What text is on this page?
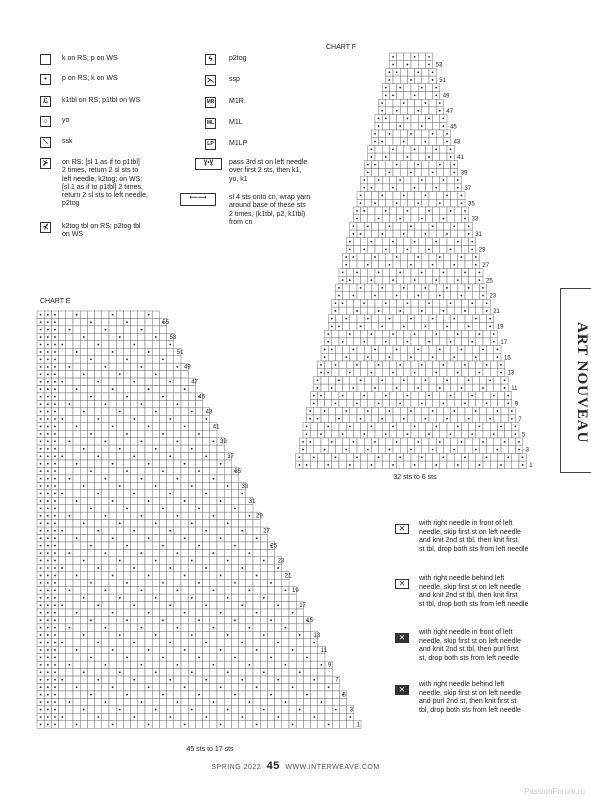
k on RS; p on WS
•	p on RS; k on WS
ℒ	k1tbl on RS; p1tbl on WS
○	yo
⟍	ssk
⊁	on RS: [sl 1 as if to p1tbl]
2 times, return 2 sl sts to
left needle, k2tog; on WS:
[sl 1 as if to p1tbl] 2 times,
return 2 sl sts to left needle,
p2tog
⊀	k2tog tbl on RS; p2tog tbl
on WS
ϟ	p2tog
⋋ ssp
MR M1R
ML M1L
LP	M1LP
Ɣ•Ɣ	pass 3rd st on left needle
over first 2 sts, then k1,
yo, k1
⟵⟶	sl 4 sts onto cn, wrap yarn
around base of these sts
2 times, (k1tbl, p2, k1tbl)
from cn
CHART F
53
51
49
47
45
43
41
39
37
35
33
31
29
27
25
23
21
19
17
15
13
11
9
7
5
3
1
55
53
51
49
47
45
43
41
39
37
35
33
31
29
27
25
23
21
19
17
15
13
11
9
7
5
3
1
32 sts to 6 sts
CHART E
45 sts to 17 sts
⨯
with right needle in front of left
needle, skip first st on left needle
and knit 2nd st tbl, then knit first
st tbl, drop both sts from left needle
⨯
with right needle behind left
needle, skip first st on left needle
and knit 2nd st tbl, then knit first
st tbl, drop both sts from left needle
⨯
with right needle in front of left
needle, skip first st on left needle
and knit 2nd st tbl, then purl first
st, drop both sts from left needle
⨯
with right needle behind left
needle, skip first st on left needle
and purl 2nd st, then knit first st
tbl, drop both sts from left needle
ART NOUVEAU
SPRING 2022 45 WWW.INTERWEAVE.COM
PassionForum.ru
